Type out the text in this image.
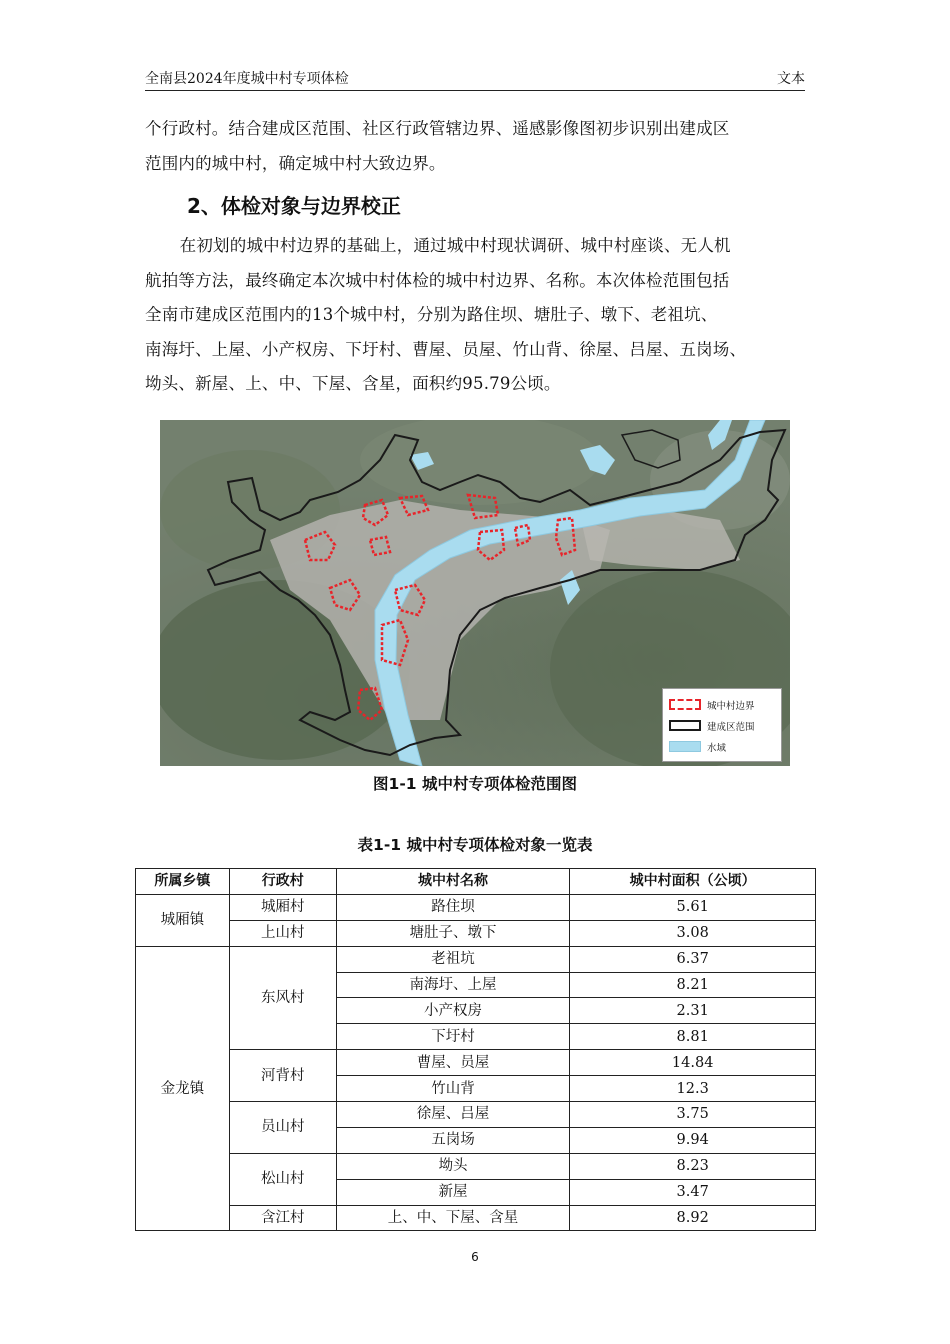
全南县2024年度城中村专项体检	文本
个行政村。结合建成区范围、社区行政管辖边界、遥感影像图初步识别出建成区
范围内的城中村，确定城中村大致边界。
2、体检对象与边界校正
在初划的城中村边界的基础上，通过城中村现状调研、城中村座谈、无人机
航拍等方法，最终确定本次城中村体检的城中村边界、名称。本次体检范围包括
全南市建成区范围内的13个城中村，分别为路住坝、塘肚子、墩下、老祖坑、
南海圩、上屋、小产权房、下圩村、曹屋、员屋、竹山背、徐屋、吕屋、五岗场、
坳头、新屋、上、中、下屋、含星，面积约95.79公顷。
城中村边界
建成区范围
水域
图1-1 城中村专项体检范围图
表1-1 城中村专项体检对象一览表
所属乡镇	行政村	城中村名称	城中村面积（公顷）
城厢镇	城厢村	路住坝	5.61
	上山村	塘肚子、墩下	3.08
金龙镇	东风村	老祖坑	6.37
		南海圩、上屋	8.21
		小产权房	2.31
		下圩村	8.81
	河背村	曹屋、员屋	14.84
		竹山背	12.3
	员山村	徐屋、吕屋	3.75
		五岗场	9.94
	松山村	坳头	8.23
		新屋	3.47
	含江村	上、中、下屋、含星	8.92
6
